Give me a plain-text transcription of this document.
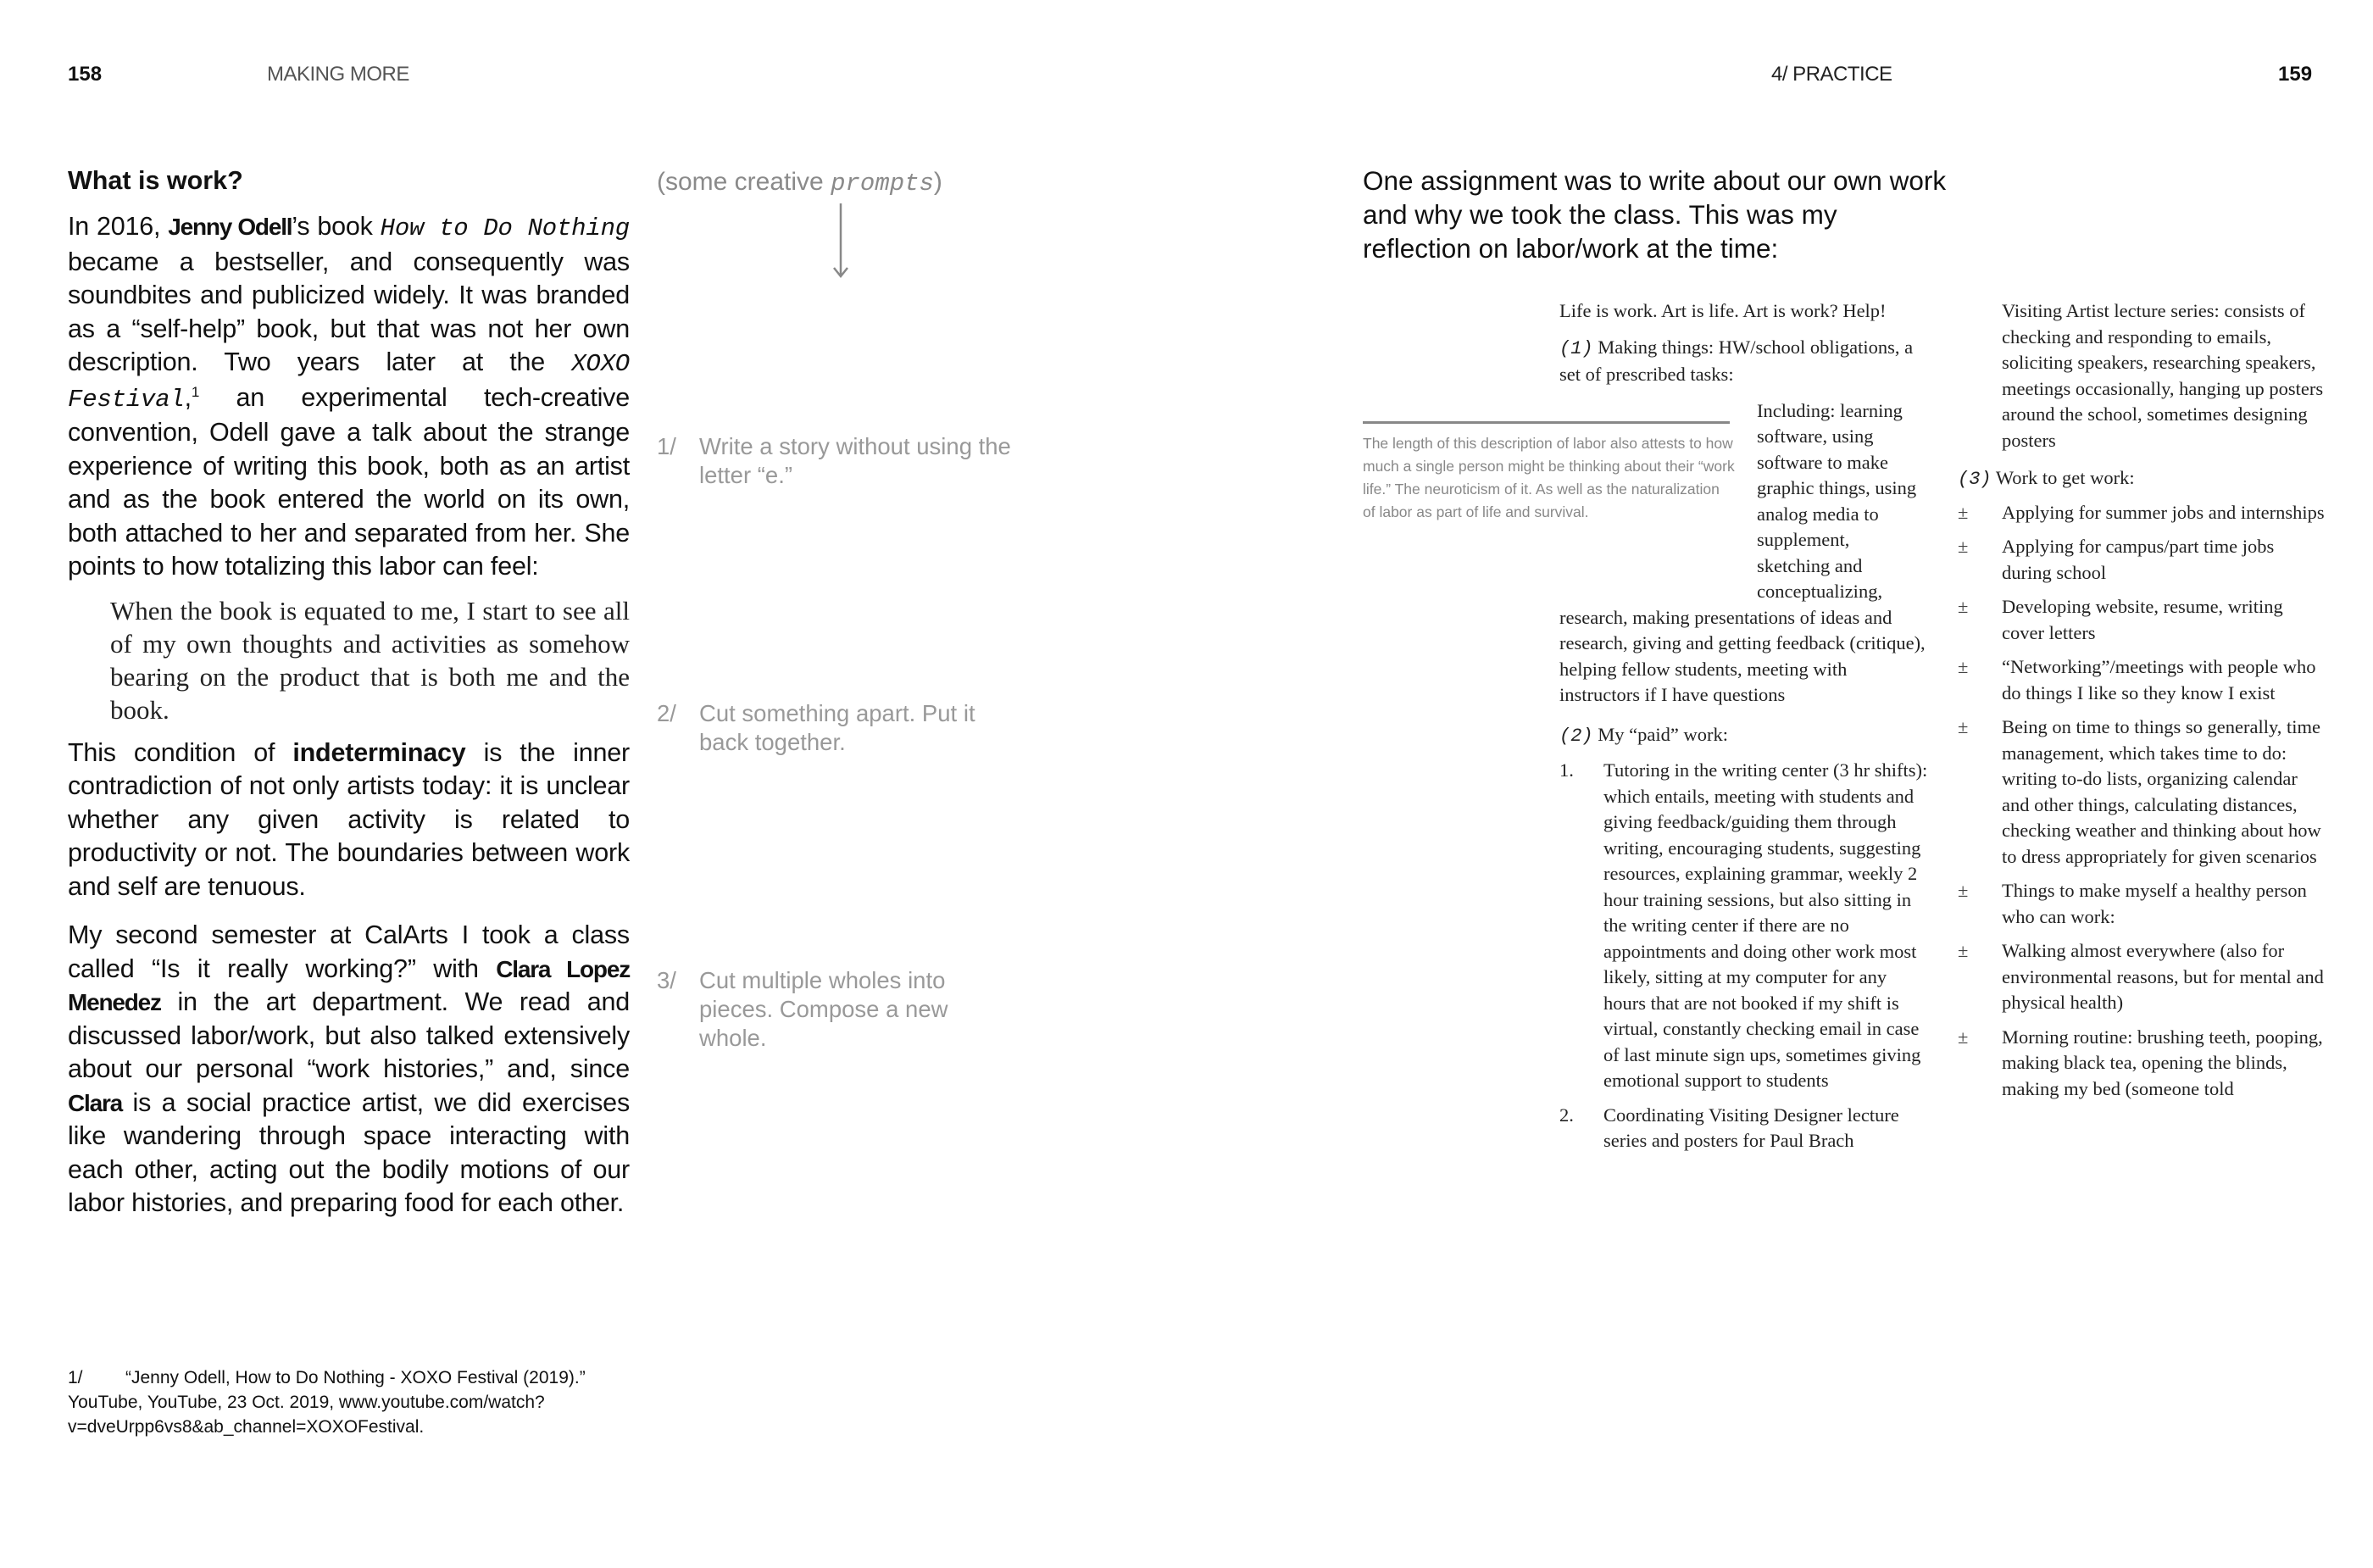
158	MAKING MORE
What is work?

In 2016, Jenny Odell’s book How to Do Nothing became a bestseller, and consequently was soundbites and publicized widely. It was branded as a “self-help” book, but that was not her own description. Two years later at the XOXO Festival,$^1$ an experimental tech-creative convention, Odell gave a talk about the strange experience of writing this book, both as an artist and as the book entered the world on its own, both attached to her and separated from her. She points to how totalizing this labor can feel:

When the book is equated to me, I start to see all of my own thoughts and activities as somehow bearing on the product that is both me and the book.

This condition of indeterminacy is the inner contradiction of not only artists today: it is unclear whether any given activity is related to productivity or not. The boundaries between work and self are tenuous.

My second semester at CalArts I took a class called “Is it really working?” with Clara Lopez Menedez in the art department. We read and discussed labor/work, but also talked extensively about our personal “work histories,” and, since Clara is a social practice artist, we did exercises like wandering through space interacting with each other, acting out the bodily motions of our labor histories, and preparing food for each other.

(some creative prompts)
1/ Write a story without using the letter “e.”
2/ Cut something apart. Put it back together.
3/ Cut multiple wholes into pieces. Compose a new whole.
1/ “Jenny Odell, How to Do Nothing - XOXO Festival (2019).” YouTube, YouTube, 23 Oct. 2019, www.youtube.com/watch?v=dveUrpp6vs8&ab_channel=XOXOFestival.
4/ PRACTICE	159
One assignment was to write about our own work and why we took the class. This was my reflection on labor/work at the time:
The length of this description of labor also attests to how much a single person might be thinking about their “work life.” The neuroticism of it. As well as the naturalization of labor as part of life and survival.
Life is work. Art is life. Art is work? Help!
(1) Making things: HW/school obligations, a set of prescribed tasks:
Including: learning software, using software to make graphic things, using analog media to supplement, sketching and conceptualizing,
research, making presentations of ideas and research, giving and getting feedback (critique), helping fellow students, meeting with instructors if I have questions
(2) My “paid” work:
1. Tutoring in the writing center (3 hr shifts): which entails, meeting with students and giving feedback/guiding them through writing, encouraging students, suggesting resources, explaining grammar, weekly 2 hour training sessions, but also sitting in the writing center if there are no appointments and doing other work most likely, sitting at my computer for any hours that are not booked if my shift is virtual, constantly checking email in case of last minute sign ups, sometimes giving emotional support to students
2. Coordinating Visiting Designer lecture series and posters for Paul Brach
Visiting Artist lecture series: consists of checking and responding to emails, soliciting speakers, researching speakers, meetings occasionally, hanging up posters around the school, sometimes designing posters
(3) Work to get work:
± Applying for summer jobs and internships
± Applying for campus/part time jobs during school
± Developing website, resume, writing cover letters
± “Networking”/meetings with people who do things I like so they know I exist
± Being on time to things so generally, time management, which takes time to do: writing to-do lists, organizing calendar and other things, calculating distances, checking weather and thinking about how to dress appropriately for given scenarios
± Things to make myself a healthy person who can work:
± Walking almost everywhere (also for environmental reasons, but for mental and physical health)
± Morning routine: brushing teeth, pooping, making black tea, opening the blinds, making my bed (someone told
